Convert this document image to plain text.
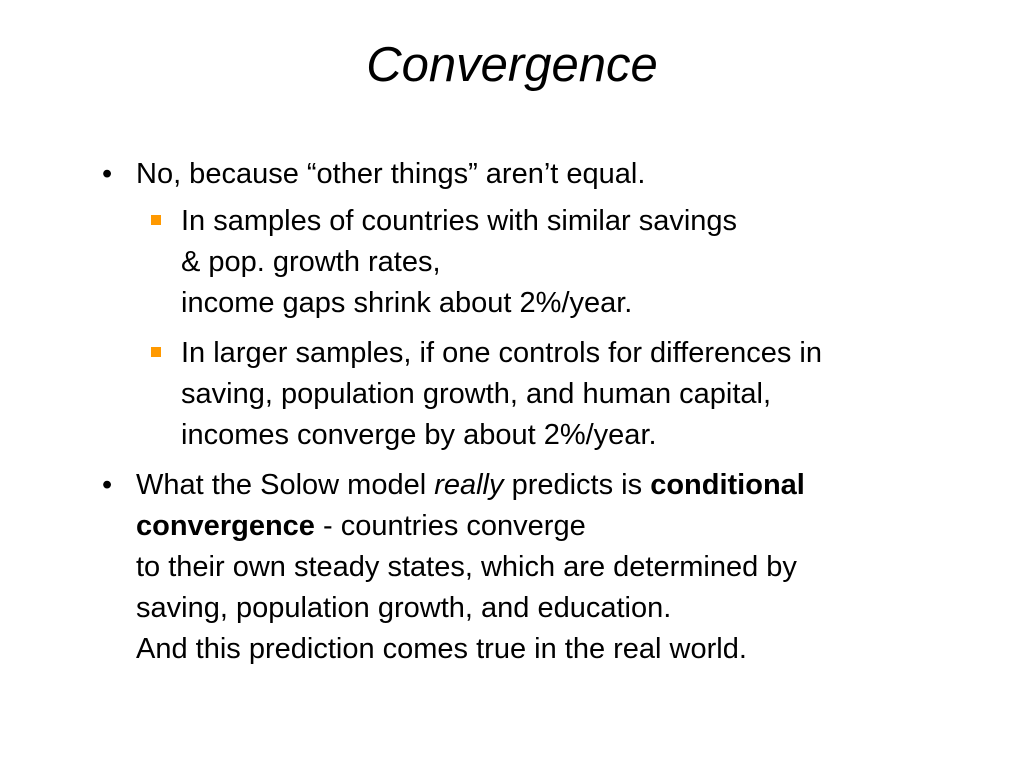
Convergence
• No, because “other things” aren’t equal.
In samples of countries with similar savings
& pop. growth rates,
income gaps shrink about 2%/year.
In larger samples, if one controls for differences in
saving, population growth, and human capital,
incomes converge by about 2%/year.
• What the Solow model really predicts is conditional
convergence - countries converge
to their own steady states, which are determined by
saving, population growth, and education.
And this prediction comes true in the real world.
